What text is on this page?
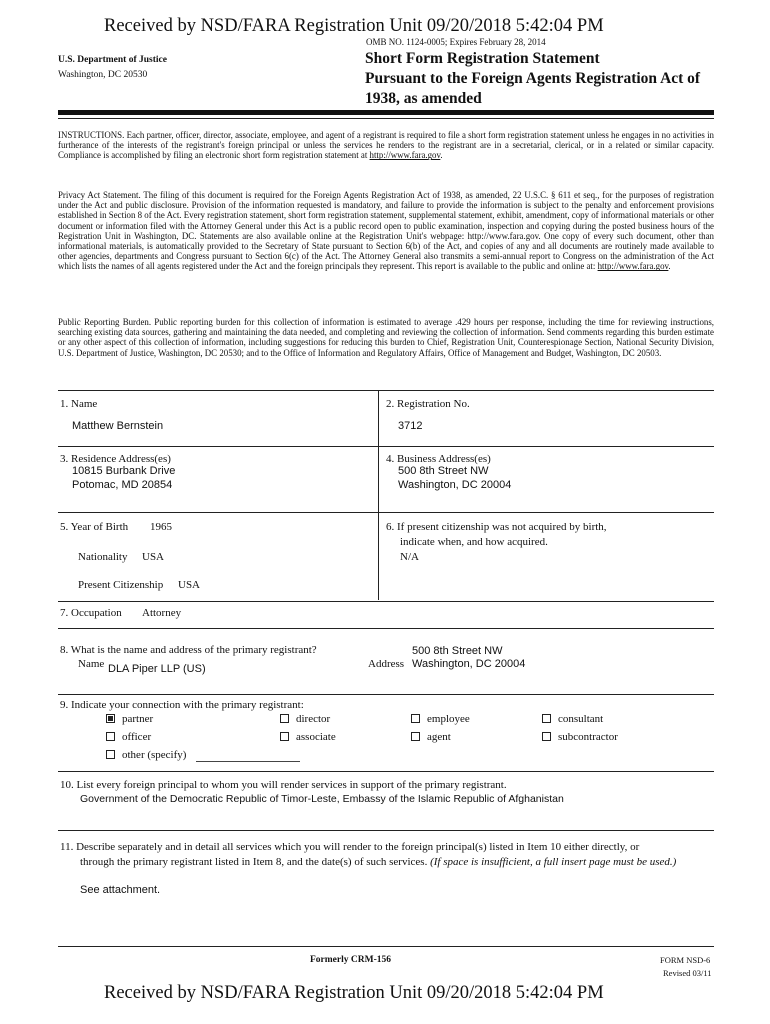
Received by NSD/FARA Registration Unit 09/20/2018 5:42:04 PM
OMB NO. 1124-0005; Expires February 28, 2014
U.S. Department of Justice
Washington, DC 20530
Short Form Registration Statement
Pursuant to the Foreign Agents Registration Act of
1938, as amended
INSTRUCTIONS. Each partner, officer, director, associate, employee, and agent of a registrant is required to file a short form registration statement unless he engages in no activities in furtherance of the interests of the registrant's foreign principal or unless the services he renders to the registrant are in a secretarial, clerical, or in a related or similar capacity. Compliance is accomplished by filing an electronic short form registration statement at http://www.fara.gov.
Privacy Act Statement. The filing of this document is required for the Foreign Agents Registration Act of 1938, as amended, 22 U.S.C. § 611 et seq., for the purposes of registration under the Act and public disclosure. Provision of the information requested is mandatory, and failure to provide the information is subject to the penalty and enforcement provisions established in Section 8 of the Act. Every registration statement, short form registration statement, supplemental statement, exhibit, amendment, copy of informational materials or other document or information filed with the Attorney General under this Act is a public record open to public examination, inspection and copying during the posted business hours of the Registration Unit in Washington, DC. Statements are also available online at the Registration Unit's webpage: http://www.fara.gov. One copy of every such document, other than informational materials, is automatically provided to the Secretary of State pursuant to Section 6(b) of the Act, and copies of any and all documents are routinely made available to other agencies, departments and Congress pursuant to Section 6(c) of the Act. The Attorney General also transmits a semi-annual report to Congress on the administration of the Act which lists the names of all agents registered under the Act and the foreign principals they represent. This report is available to the public and online at: http://www.fara.gov.
Public Reporting Burden. Public reporting burden for this collection of information is estimated to average .429 hours per response, including the time for reviewing instructions, searching existing data sources, gathering and maintaining the data needed, and completing and reviewing the collection of information. Send comments regarding this burden estimate or any other aspect of this collection of information, including suggestions for reducing this burden to Chief, Registration Unit, Counterespionage Section, National Security Division, U.S. Department of Justice, Washington, DC 20530; and to the Office of Information and Regulatory Affairs, Office of Management and Budget, Washington, DC 20503.
1. Name
Matthew Bernstein
2. Registration No.
3712
3. Residence Address(es)
10815 Burbank Drive
Potomac, MD 20854
4. Business Address(es)
500 8th Street NW
Washington, DC 20004
5. Year of Birth 1965
Nationality USA
Present Citizenship USA
6. If present citizenship was not acquired by birth,
indicate when, and how acquired.
N/A
7. Occupation Attorney
8. What is the name and address of the primary registrant?
Name DLA Piper LLP (US)
500 8th Street NW
Address Washington, DC 20004
9. Indicate your connection with the primary registrant:
partner
officer
other (specify)
director
associate
employee
agent
consultant
subcontractor
10. List every foreign principal to whom you will render services in support of the primary registrant.
Government of the Democratic Republic of Timor-Leste, Embassy of the Islamic Republic of Afghanistan
11. Describe separately and in detail all services which you will render to the foreign principal(s) listed in Item 10 either directly, or
through the primary registrant listed in Item 8, and the date(s) of such services. (If space is insufficient, a full insert page must be used.)
See attachment.
Formerly CRM-156	FORM NSD-6
Revised 03/11
Received by NSD/FARA Registration Unit 09/20/2018 5:42:04 PM
